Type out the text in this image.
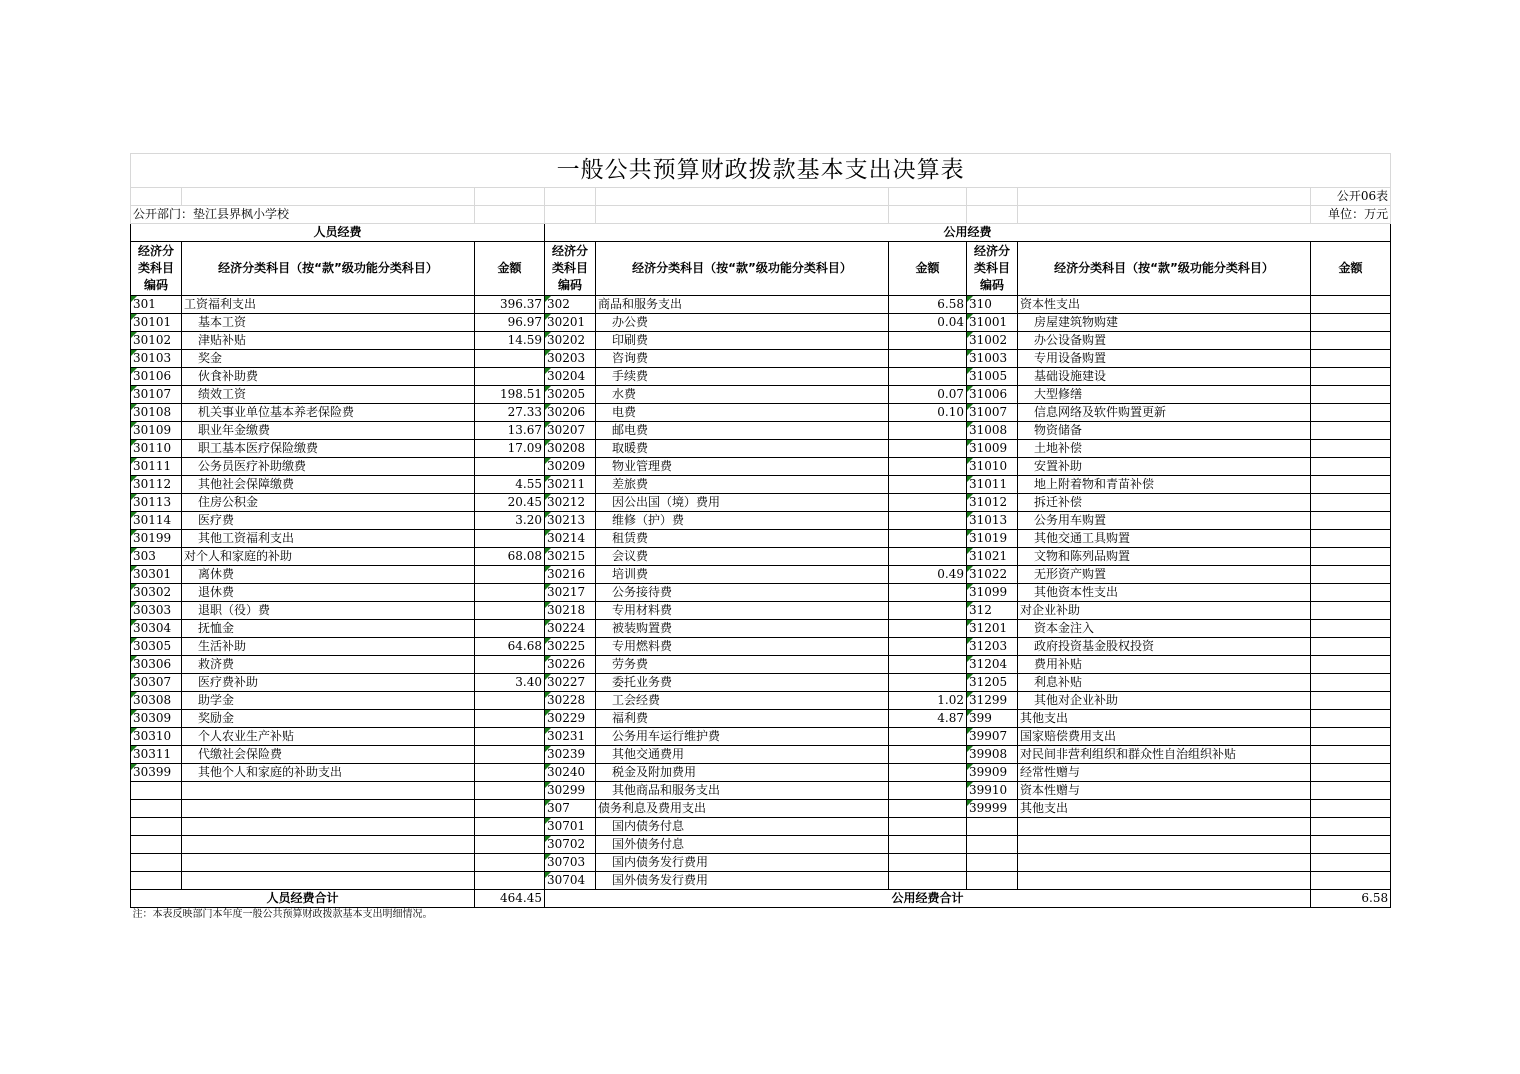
一般公共预算财政拨款基本支出决算表								
								公开06表
公开部门：垫江县界枫小学校								单位：万元
人员经费			公用经费					
经济分类科目编码	经济分类科目（按“款”级功能分类科目）	金额	经济分类科目编码	经济分类科目（按“款”级功能分类科目）	金额	经济分类科目编码	经济分类科目（按“款”级功能分类科目）	金额
301	工资福利支出	396.37	302	商品和服务支出	6.58	310	资本性支出	
30101	基本工资	96.97	30201	办公费	0.04	31001	房屋建筑物购建	
30102	津贴补贴	14.59	30202	印刷费		31002	办公设备购置	
30103	奖金		30203	咨询费		31003	专用设备购置	
30106	伙食补助费		30204	手续费		31005	基础设施建设	
30107	绩效工资	198.51	30205	水费	0.07	31006	大型修缮	
30108	机关事业单位基本养老保险费	27.33	30206	电费	0.10	31007	信息网络及软件购置更新	
30109	职业年金缴费	13.67	30207	邮电费		31008	物资储备	
30110	职工基本医疗保险缴费	17.09	30208	取暖费		31009	土地补偿	
30111	公务员医疗补助缴费		30209	物业管理费		31010	安置补助	
30112	其他社会保障缴费	4.55	30211	差旅费		31011	地上附着物和青苗补偿	
30113	住房公积金	20.45	30212	因公出国（境）费用		31012	拆迁补偿	
30114	医疗费	3.20	30213	维修（护）费		31013	公务用车购置	
30199	其他工资福利支出		30214	租赁费		31019	其他交通工具购置	
303	对个人和家庭的补助	68.08	30215	会议费		31021	文物和陈列品购置	
30301	离休费		30216	培训费	0.49	31022	无形资产购置	
30302	退休费		30217	公务接待费		31099	其他资本性支出	
30303	退职（役）费		30218	专用材料费		312	对企业补助	
30304	抚恤金		30224	被装购置费		31201	资本金注入	
30305	生活补助	64.68	30225	专用燃料费		31203	政府投资基金股权投资	
30306	救济费		30226	劳务费		31204	费用补贴	
30307	医疗费补助	3.40	30227	委托业务费		31205	利息补贴	
30308	助学金		30228	工会经费	1.02	31299	其他对企业补助	
30309	奖励金		30229	福利费	4.87	399	其他支出	
30310	个人农业生产补贴		30231	公务用车运行维护费		39907	国家赔偿费用支出	
30311	代缴社会保险费		30239	其他交通费用		39908	对民间非营利组织和群众性自治组织补贴	
30399	其他个人和家庭的补助支出		30240	税金及附加费用		39909	经常性赠与	
			30299	其他商品和服务支出		39910	资本性赠与	
			307	债务利息及费用支出		39999	其他支出	
			30701	国内债务付息				
			30702	国外债务付息				
			30703	国内债务发行费用				
			30704	国外债务发行费用				
人员经费合计		464.45	公用经费合计					6.58
注：本表反映部门本年度一般公共预算财政拨款基本支出明细情况。								
